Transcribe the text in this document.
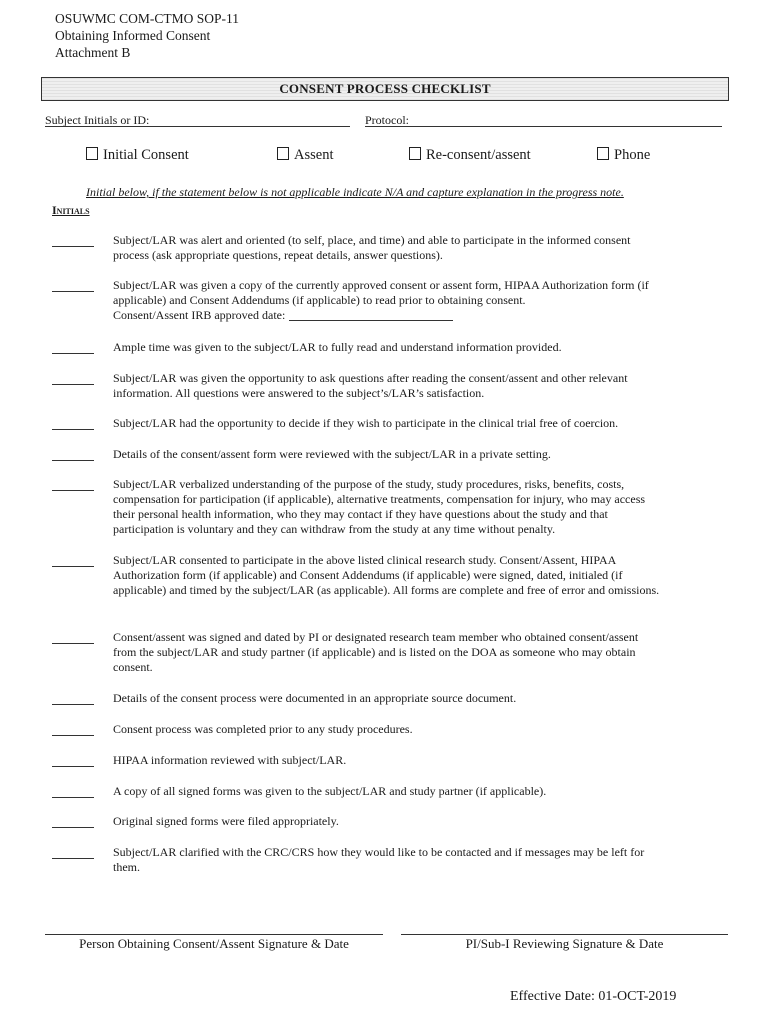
OSUWMC COM-CTMO SOP-11
Obtaining Informed Consent
Attachment B
CONSENT PROCESS CHECKLIST
Subject Initials or ID:	Protocol:
Initial Consent	Assent	Re-consent/assent	Phone
Initial below, if the statement below is not applicable indicate N/A and capture explanation in the progress note.
Initials
Subject/LAR was alert and oriented (to self, place, and time) and able to participate in the informed consent
process (ask appropriate questions, repeat details, answer questions).
Subject/LAR was given a copy of the currently approved consent or assent form, HIPAA Authorization form (if
applicable) and Consent Addendums (if applicable) to read prior to obtaining consent.
Consent/Assent IRB approved date:
Ample time was given to the subject/LAR to fully read and understand information provided.
Subject/LAR was given the opportunity to ask questions after reading the consent/assent and other relevant
information. All questions were answered to the subject’s/LAR’s satisfaction.
Subject/LAR had the opportunity to decide if they wish to participate in the clinical trial free of coercion.
Details of the consent/assent form were reviewed with the subject/LAR in a private setting.
Subject/LAR verbalized understanding of the purpose of the study, study procedures, risks, benefits, costs,
compensation for participation (if applicable), alternative treatments, compensation for injury, who may access
their personal health information, who they may contact if they have questions about the study and that
participation is voluntary and they can withdraw from the study at any time without penalty.
Subject/LAR consented to participate in the above listed clinical research study. Consent/Assent, HIPAA
Authorization form (if applicable) and Consent Addendums (if applicable) were signed, dated, initialed (if
applicable) and timed by the subject/LAR (as applicable). All forms are complete and free of error and omissions.
Consent/assent was signed and dated by PI or designated research team member who obtained consent/assent
from the subject/LAR and study partner (if applicable) and is listed on the DOA as someone who may obtain
consent.
Details of the consent process were documented in an appropriate source document.
Consent process was completed prior to any study procedures.
HIPAA information reviewed with subject/LAR.
A copy of all signed forms was given to the subject/LAR and study partner (if applicable).
Original signed forms were filed appropriately.
Subject/LAR clarified with the CRC/CRS how they would like to be contacted and if messages may be left for
them.
Person Obtaining Consent/Assent Signature & Date	PI/Sub-I Reviewing Signature & Date
Effective Date: 01-OCT-2019
